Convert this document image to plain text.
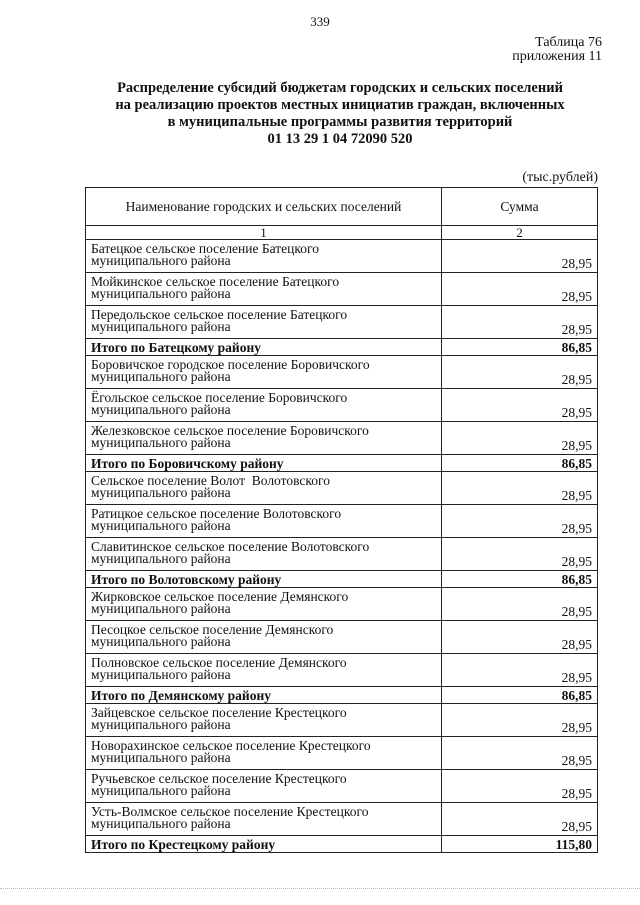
339
Таблица 76
приложения 11
Распределение субсидий бюджетам городских и сельских поселений
на реализацию проектов местных инициатив граждан, включенных
в муниципальные программы развития территорий
01 13 29 1 04 72090 520
(тыс.рублей)
Наименование городских и сельских поселений	Сумма
1	2

Батецкое сельское поселение Батецкого
муниципального района	28,95

Мойкинское сельское поселение Батецкого
муниципального района	28,95

Передольское сельское поселение Батецкого
муниципального района	28,95
Итого по Батецкому району	86,85

Боровичское городское поселение Боровичского
муниципального района	28,95

Ёгольское сельское поселение Боровичского
муниципального района	28,95

Железковское сельское поселение Боровичского
муниципального района	28,95
Итого по Боровичскому району	86,85

Сельское поселение Волот  Волотовского
муниципального района	28,95

Ратицкое сельское поселение Волотовского
муниципального района	28,95

Славитинское сельское поселение Волотовского
муниципального района	28,95
Итого по Волотовскому району	86,85

Жирковское сельское поселение Демянского
муниципального района	28,95

Песоцкое сельское поселение Демянского
муниципального района	28,95

Полновское сельское поселение Демянского
муниципального района	28,95
Итого по Демянскому району	86,85

Зайцевское сельское поселение Крестецкого
муниципального района	28,95

Новорахинское сельское поселение Крестецкого
муниципального района	28,95

Ручьевское сельское поселение Крестецкого
муниципального района	28,95

Усть-Волмское сельское поселение Крестецкого
муниципального района	28,95
Итого по Крестецкому району	115,80
